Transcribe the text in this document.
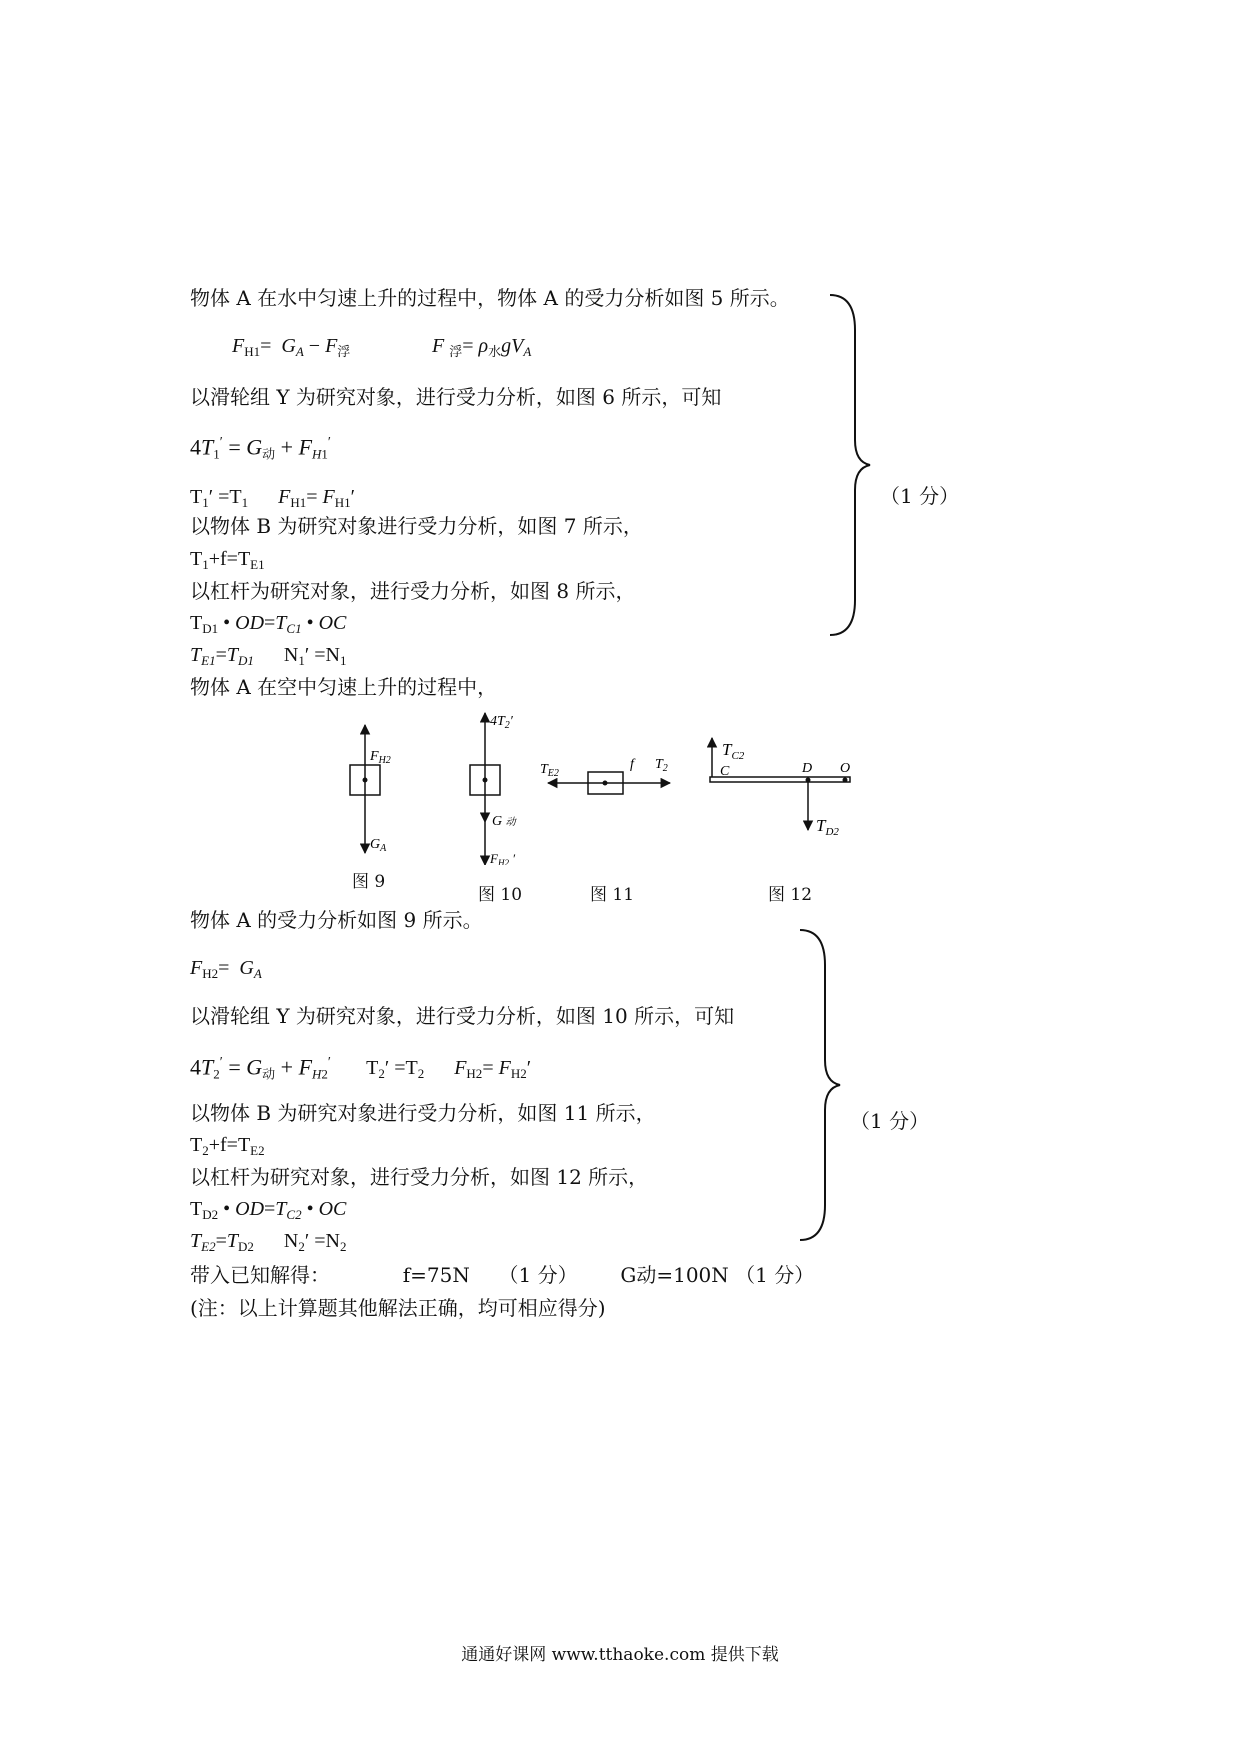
物体 A 在水中匀速上升的过程中，物体 A 的受力分析如图 5 所示。
$F_{H1}= G_A - F_浮$	F $_浮= \rho_水gV_A$
以滑轮组 Y 为研究对象，进行受力分析，如图 6 所示，可知
$4T_1' = G_动 + F_{H1}'$
$T_1' =T_1$ $F_{H1}= F_{H1}'$
以物体 B 为研究对象进行受力分析，如图 7 所示，
$T_1+f=T_{E1}$
以杠杆为研究对象，进行受力分析，如图 8 所示，
$T_{D1}$ • $OD=T_{C1}$ • OC
$T_{E1}=T_{D1}$      $N_1' =N_1$
（1 分）
物体 A 在空中匀速上升的过程中，
$F_{H2}$
$G_A$
$4T_2'$
G 动
$F_{H2}$ ′
$T_{E2}$
f $T_2$
$T_{C2}$
C	D O
$T_{D2}$
图 9
图 10	图 11	图 12
物体 A 的受力分析如图 9 所示。
$F_{H2}= G_A$
以滑轮组 Y 为研究对象，进行受力分析，如图 10 所示，可知
$4T_2' = G_动 + F_{H2}'$       $T_2' =T_2$ $F_{H2}= F_{H2}'$
以物体 B 为研究对象进行受力分析，如图 11 所示，
$T_2+f=T_{E2}$
以杠杆为研究对象，进行受力分析，如图 12 所示，
$T_{D2}$ • $OD=T_{C2}$ • OC
$T_{E2}=T_{D2}$      $N_2' =N_2$
（1 分）
带入已知解得：	f=75N （1 分） G动=100N （1 分）
(注：以上计算题其他解法正确，均可相应得分)
通通好课网 www.tthaoke.com 提供下载
